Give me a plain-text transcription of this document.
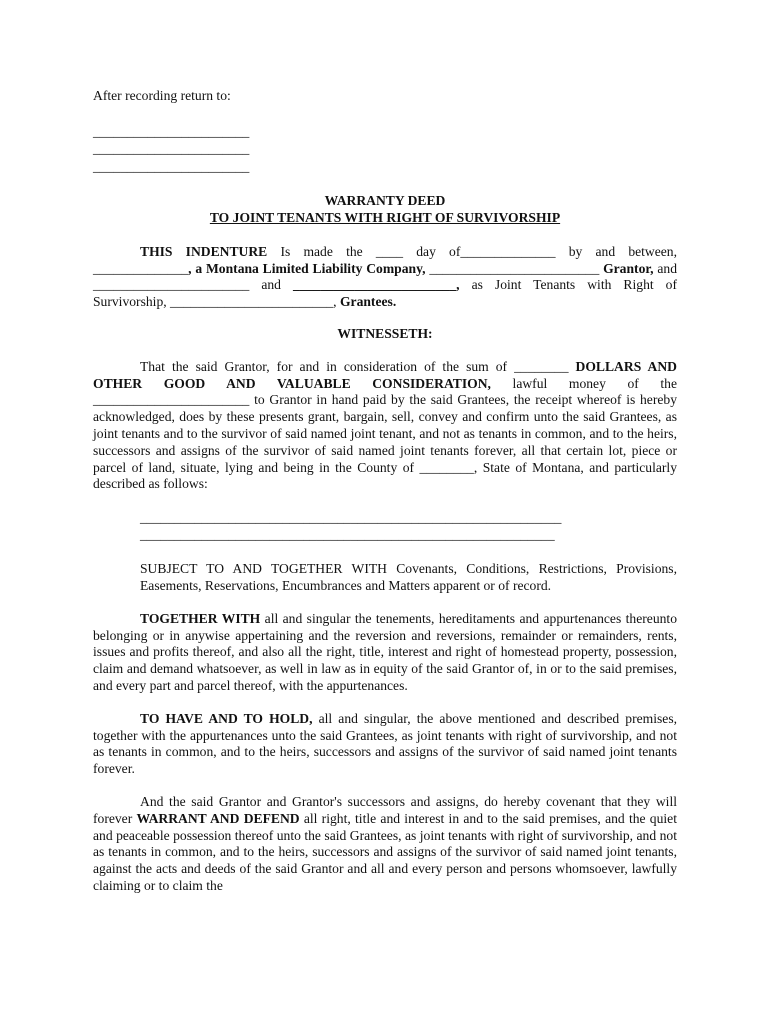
After recording return to:
_______________________
_______________________
_______________________
WARRANTY DEED
TO JOINT TENANTS WITH RIGHT OF SURVIVORSHIP

THIS INDENTURE Is made the ____ day of______________ by and between, ______________, a Montana Limited Liability Company, _________________________ Grantor, and _______________________ and ________________________, as Joint Tenants with Right of Survivorship, ________________________, Grantees.

WITNESSETH:

That the said Grantor, for and in consideration of the sum of ________ DOLLARS AND OTHER GOOD AND VALUABLE CONSIDERATION, lawful money of the _______________________ to Grantor in hand paid by the said Grantees, the receipt whereof is hereby acknowledged, does by these presents grant, bargain, sell, convey and confirm unto the said Grantees, as joint tenants and to the survivor of said named joint tenant, and not as tenants in common, and to the heirs, successors and assigns of the survivor of said named joint tenants forever, all that certain lot, piece or parcel of land, situate, lying and being in the County of ________, State of Montana, and particularly described as follows:

______________________________________________________________
_____________________________________________________________

SUBJECT TO AND TOGETHER WITH Covenants, Conditions, Restrictions, Provisions, Easements, Reservations, Encumbrances and Matters apparent or of record.

TOGETHER WITH all and singular the tenements, hereditaments and appurtenances thereunto belonging or in anywise appertaining and the reversion and reversions, remainder or remainders, rents, issues and profits thereof, and also all the right, title, interest and right of homestead property, possession, claim and demand whatsoever, as well in law as in equity of the said Grantor of, in or to the said premises, and every part and parcel thereof, with the appurtenances.

TO HAVE AND TO HOLD, all and singular, the above mentioned and described premises, together with the appurtenances unto the said Grantees, as joint tenants with right of survivorship, and not as tenants in common, and to the heirs, successors and assigns of the survivor of said named joint tenants forever.

And the said Grantor and Grantor's successors and assigns, do hereby covenant that they will forever WARRANT AND DEFEND all right, title and interest in and to the said premises, and the quiet and peaceable possession thereof unto the said Grantees, as joint tenants with right of survivorship, and not as tenants in common, and to the heirs, successors and assigns of the survivor of said named joint tenants, against the acts and deeds of the said Grantor and all and every person and persons whomsoever, lawfully claiming or to claim the
